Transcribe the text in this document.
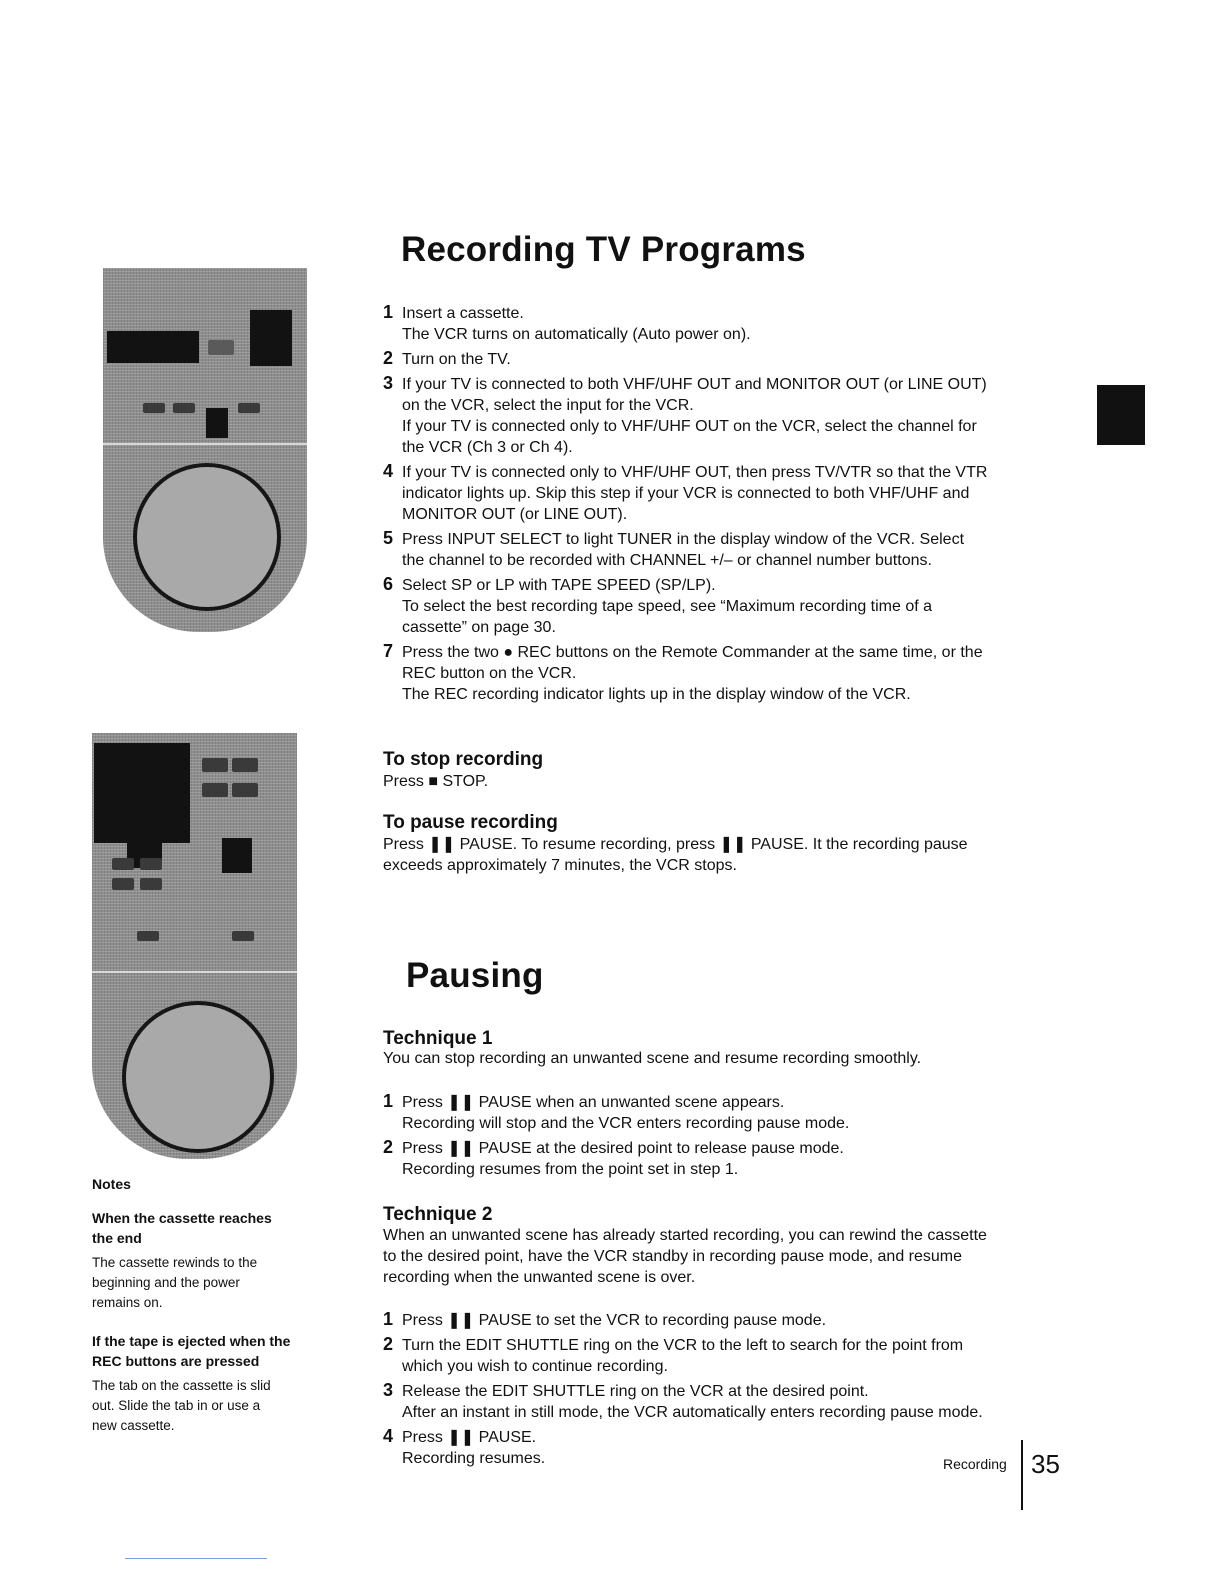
Recording TV Programs
1 Insert a cassette.
The VCR turns on automatically (Auto power on).
2 Turn on the TV.
3 If your TV is connected to both VHF/UHF OUT and MONITOR OUT (or LINE OUT)
on the VCR, select the input for the VCR.
If your TV is connected only to VHF/UHF OUT on the VCR, select the channel for
the VCR (Ch 3 or Ch 4).
4 If your TV is connected only to VHF/UHF OUT, then press TV/VTR so that the VTR
indicator lights up. Skip this step if your VCR is connected to both VHF/UHF and
MONITOR OUT (or LINE OUT).
5 Press INPUT SELECT to light TUNER in the display window of the VCR. Select
the channel to be recorded with CHANNEL +/– or channel number buttons.
6 Select SP or LP with TAPE SPEED (SP/LP).
To select the best recording tape speed, see “Maximum recording time of a
cassette” on page 30.
7 Press the two ● REC buttons on the Remote Commander at the same time, or the
REC button on the VCR.
The REC recording indicator lights up in the display window of the VCR.
To stop recording
Press ■ STOP.
To pause recording
Press ❚❚ PAUSE. To resume recording, press ❚❚ PAUSE. It the recording pause
exceeds approximately 7 minutes, the VCR stops.
Pausing
Technique 1
You can stop recording an unwanted scene and resume recording smoothly.
1 Press ❚❚ PAUSE when an unwanted scene appears.
Recording will stop and the VCR enters recording pause mode.
2 Press ❚❚ PAUSE at the desired point to release pause mode.
Recording resumes from the point set in step 1.
Technique 2
When an unwanted scene has already started recording, you can rewind the cassette
to the desired point, have the VCR standby in recording pause mode, and resume
recording when the unwanted scene is over.
1 Press ❚❚ PAUSE to set the VCR to recording pause mode.
2 Turn the EDIT SHUTTLE ring on the VCR to the left to search for the point from
which you wish to continue recording.
3 Release the EDIT SHUTTLE ring on the VCR at the desired point.
After an instant in still mode, the VCR automatically enters recording pause mode.
4 Press ❚❚ PAUSE.
Recording resumes.
Notes
When the cassette reaches
the end
The cassette rewinds to the
beginning and the power
remains on.
If the tape is ejected when the
REC buttons are pressed
The tab on the cassette is slid
out. Slide the tab in or use a
new cassette.
Recording 35
